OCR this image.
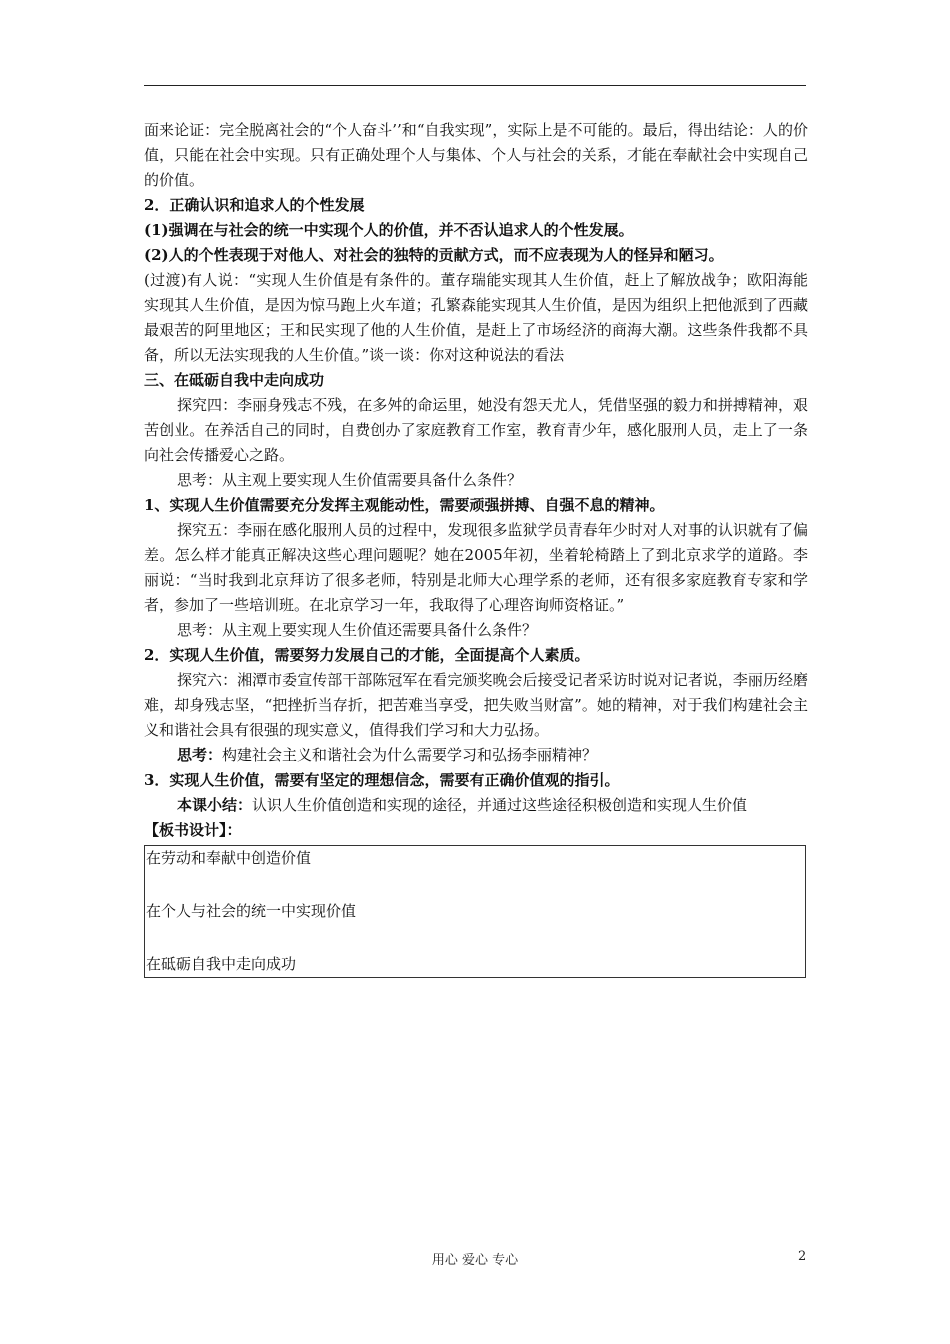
面来论证：完全脱离社会的“个人奋斗’’和“自我实现”，实际上是不可能的。最后，得出结论：人的价值，只能在社会中实现。只有正确处理个人与集体、个人与社会的关系，才能在奉献社会中实现自己的价值。

2．正确认识和追求人的个性发展

(1)强调在与社会的统一中实现个人的价值，并不否认追求人的个性发展。

(2)人的个性表现于对他人、对社会的独特的贡献方式，而不应表现为人的怪异和陋习。

(过渡)有人说：“实现人生价值是有条件的。董存瑞能实现其人生价值，赶上了解放战争；欧阳海能实现其人生价值，是因为惊马跑上火车道；孔繁森能实现其人生价值，是因为组织上把他派到了西藏最艰苦的阿里地区；王和民实现了他的人生价值，是赶上了市场经济的商海大潮。这些条件我都不具备，所以无法实现我的人生价值。”谈一谈：你对这种说法的看法

三、在砥砺自我中走向成功

探究四：李丽身残志不残，在多舛的命运里，她没有怨天尤人，凭借坚强的毅力和拼搏精神，艰苦创业。在养活自己的同时，自费创办了家庭教育工作室，教育青少年，感化服刑人员，走上了一条向社会传播爱心之路。

思考：从主观上要实现人生价值需要具备什么条件？

1、实现人生价值需要充分发挥主观能动性，需要顽强拼搏、自强不息的精神。

探究五：李丽在感化服刑人员的过程中，发现很多监狱学员青春年少时对人对事的认识就有了偏差。怎么样才能真正解决这些心理问题呢？她在2005年初，坐着轮椅踏上了到北京求学的道路。李丽说：“当时我到北京拜访了很多老师，特别是北师大心理学系的老师，还有很多家庭教育专家和学者，参加了一些培训班。在北京学习一年，我取得了心理咨询师资格证。”

思考：从主观上要实现人生价值还需要具备什么条件？

2．实现人生价值，需要努力发展自己的才能，全面提高个人素质。

探究六：湘潭市委宣传部干部陈冠军在看完颁奖晚会后接受记者采访时说对记者说，李丽历经磨难，却身残志坚，“把挫折当存折，把苦难当享受，把失败当财富”。她的精神，对于我们构建社会主义和谐社会具有很强的现实意义，值得我们学习和大力弘扬。

思考：构建社会主义和谐社会为什么需要学习和弘扬李丽精神？

3．实现人生价值，需要有坚定的理想信念，需要有正确价值观的指引。

本课小结：认识人生价值创造和实现的途径，并通过这些途径积极创造和实现人生价值

【板书设计】：

在劳动和奉献中创造价值
在个人与社会的统一中实现价值
在砥砺自我中走向成功
用心 爱心 专心	2
